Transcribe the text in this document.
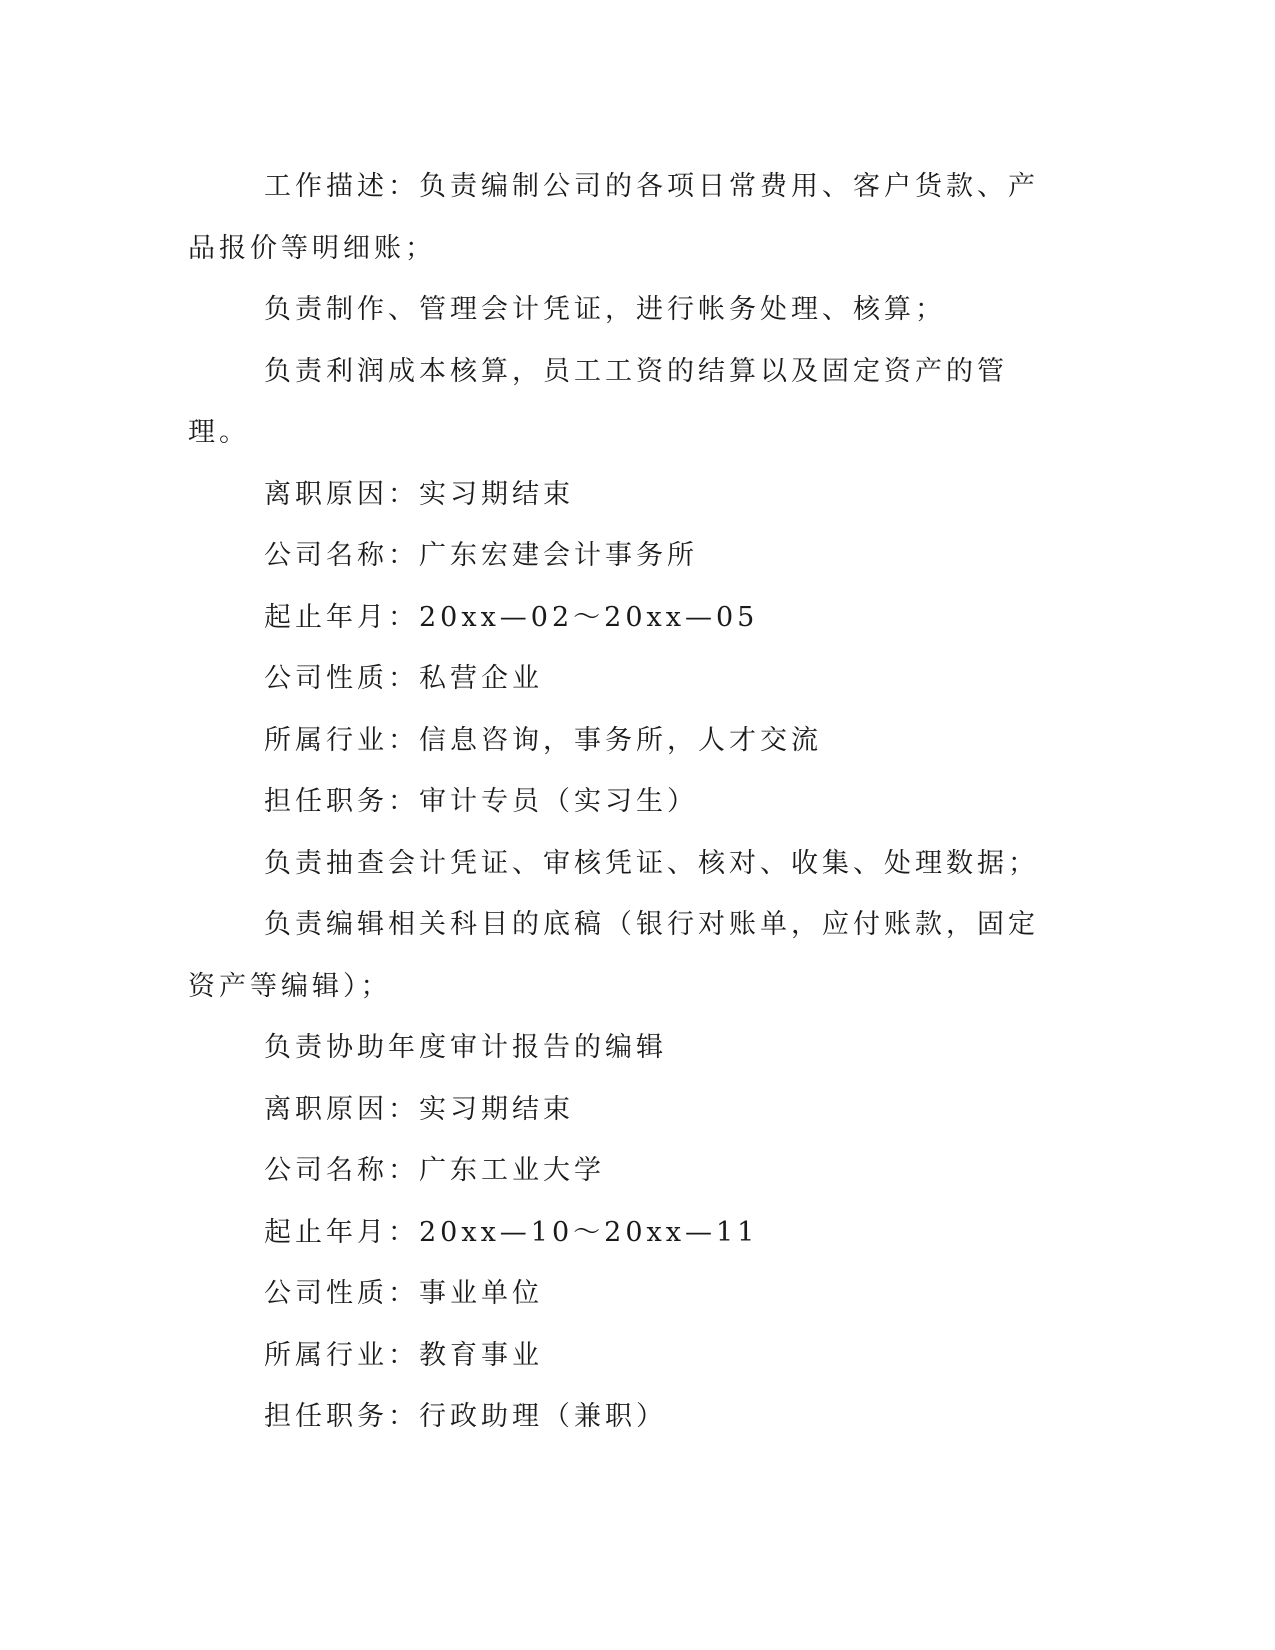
工作描述：负责编制公司的各项日常费用、客户货款、产品报价等明细账；

负责制作、管理会计凭证，进行帐务处理、核算；

负责利润成本核算，员工工资的结算以及固定资产的管理。

离职原因：实习期结束

公司名称：广东宏建会计事务所

起止年月：20xx—02～20xx—05

公司性质：私营企业

所属行业：信息咨询，事务所，人才交流

担任职务：审计专员（实习生）

负责抽查会计凭证、审核凭证、核对、收集、处理数据；

负责编辑相关科目的底稿（银行对账单，应付账款，固定资产等编辑）；

负责协助年度审计报告的编辑

离职原因：实习期结束

公司名称：广东工业大学

起止年月：20xx—10～20xx—11

公司性质：事业单位

所属行业：教育事业

担任职务：行政助理（兼职）
